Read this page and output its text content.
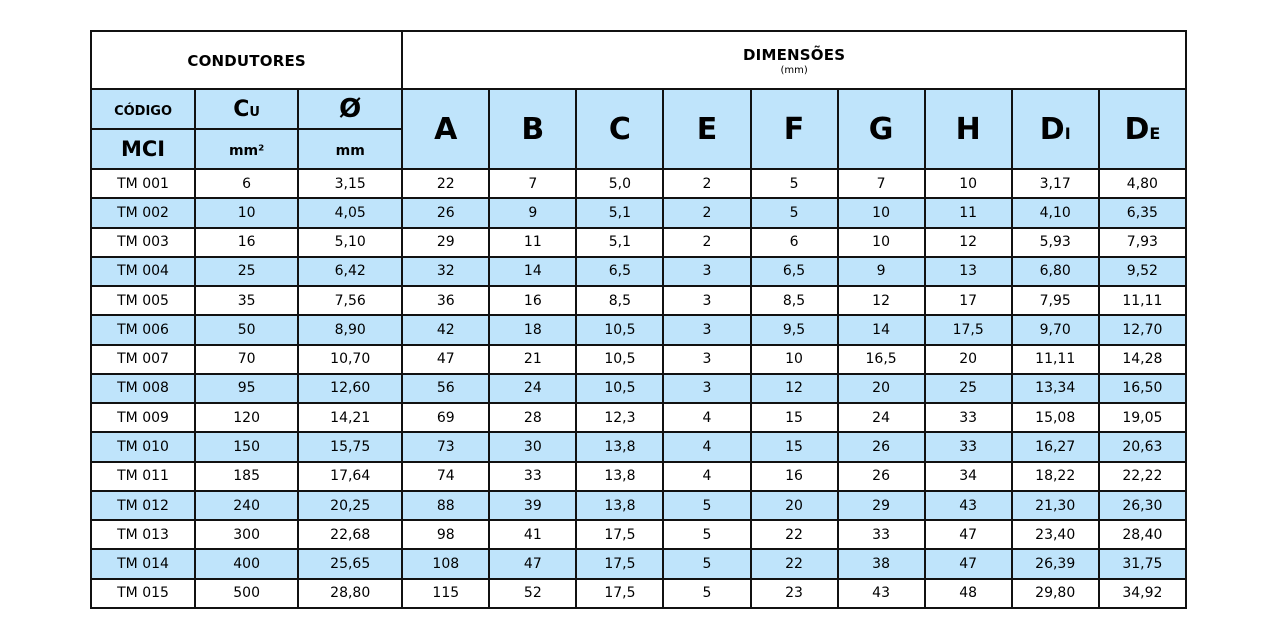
CONDUTORES			DIMENSÕES
(mm)								

CÓDIGO	CU	Ø	A	B	C	E	F	G	H	DI	DE
MCI	mm²	mm									
TM 001	6	3,15	22	7	5,0	2	5	7	10	3,17	4,80
TM 002	10	4,05	26	9	5,1	2	5	10	11	4,10	6,35
TM 003	16	5,10	29	11	5,1	2	6	10	12	5,93	7,93
TM 004	25	6,42	32	14	6,5	3	6,5	9	13	6,80	9,52
TM 005	35	7,56	36	16	8,5	3	8,5	12	17	7,95	11,11
TM 006	50	8,90	42	18	10,5	3	9,5	14	17,5	9,70	12,70
TM 007	70	10,70	47	21	10,5	3	10	16,5	20	11,11	14,28
TM 008	95	12,60	56	24	10,5	3	12	20	25	13,34	16,50
TM 009	120	14,21	69	28	12,3	4	15	24	33	15,08	19,05
TM 010	150	15,75	73	30	13,8	4	15	26	33	16,27	20,63
TM 011	185	17,64	74	33	13,8	4	16	26	34	18,22	22,22
TM 012	240	20,25	88	39	13,8	5	20	29	43	21,30	26,30
TM 013	300	22,68	98	41	17,5	5	22	33	47	23,40	28,40
TM 014	400	25,65	108	47	17,5	5	22	38	47	26,39	31,75
TM 015	500	28,80	115	52	17,5	5	23	43	48	29,80	34,92
